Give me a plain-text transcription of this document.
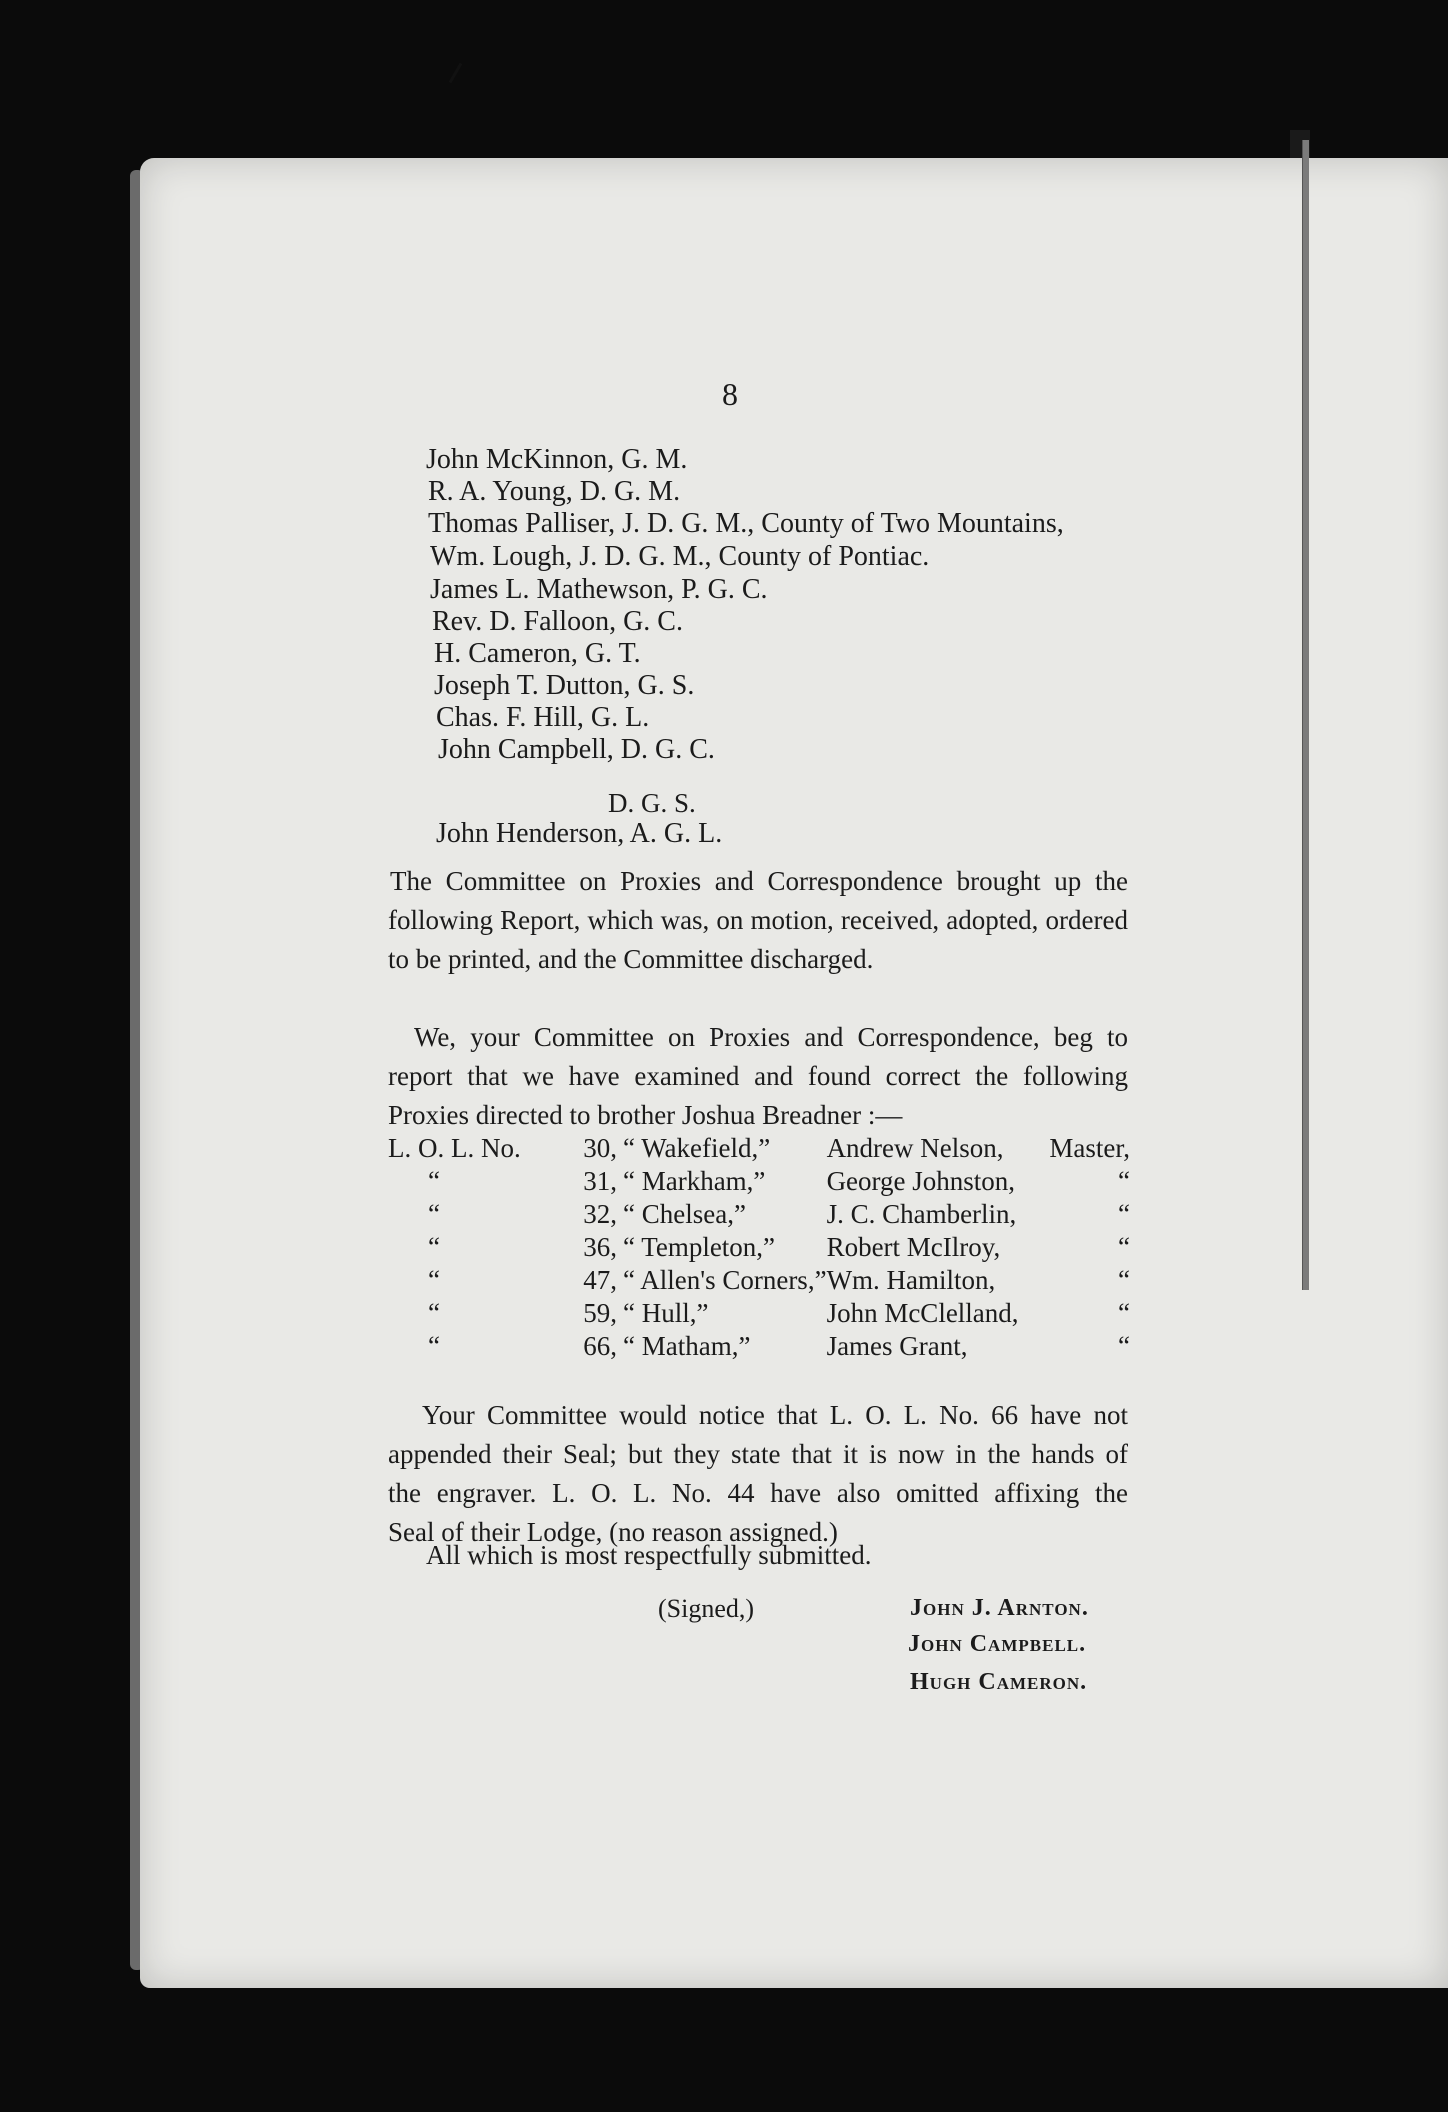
8
John McKinnon, G. M.
R. A. Young, D. G. M.
Thomas Palliser, J. D. G. M., County of Two Mountains,
Wm. Lough, J. D. G. M., County of Pontiac.
James L. Mathewson, P. G. C.
Rev. D. Falloon, G. C.
H. Cameron, G. T.
Joseph T. Dutton, G. S.
Chas. F. Hill, G. L.
John Campbell, D. G. C.
D. G. S.
John Henderson, A. G. L.
The Committee on Proxies and Correspondence brought up the
following Report, which was, on motion, received, adopted, ordered
to be printed, and the Committee discharged.
We, your Committee on Proxies and Correspondence, beg to
report that we have examined and found correct the following
Proxies directed to brother Joshua Breadner :—
L. O. L. No.	30,	“ Wakefield,”	Andrew Nelson,	Master,
“	31,	“ Markham,”	George Johnston,	“
“	32,	“ Chelsea,”	J. C. Chamberlin,	“
“	36,	“ Templeton,”	Robert McIlroy,	“
“	47,	“ Allen's Corners,”	Wm. Hamilton,	“
“	59,	“ Hull,”	John McClelland,	“
“	66,	“ Matham,”	James Grant,	“
Your Committee would notice that L. O. L. No. 66 have not
appended their Seal; but they state that it is now in the hands of
the engraver. L. O. L. No. 44 have also omitted affixing the
Seal of their Lodge, (no reason assigned.)
All which is most respectfully submitted.
(Signed,)	John J. Arnton.
John Campbell.
Hugh Cameron.
